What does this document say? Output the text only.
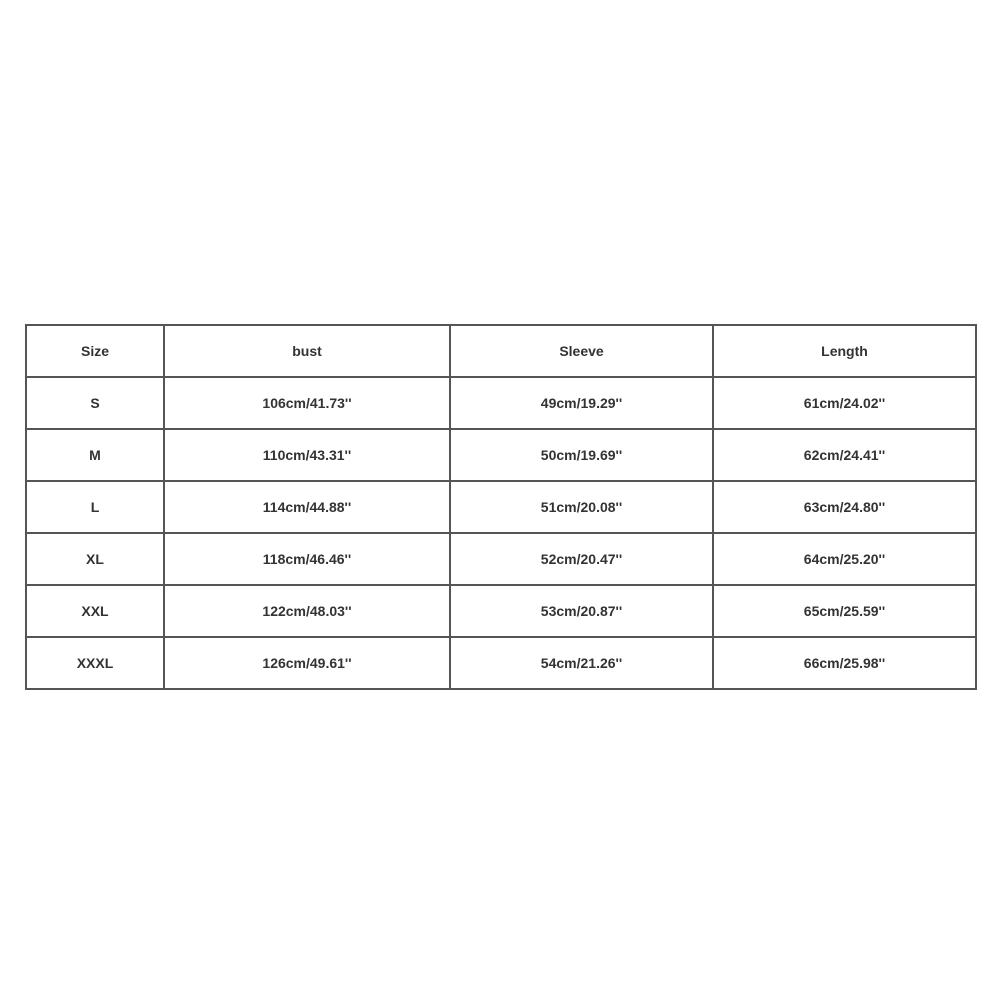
Size	bust	Sleeve	Length
S	106cm/41.73''	49cm/19.29''	61cm/24.02''
M	110cm/43.31''	50cm/19.69''	62cm/24.41''
L	114cm/44.88''	51cm/20.08''	63cm/24.80''
XL	118cm/46.46''	52cm/20.47''	64cm/25.20''
XXL	122cm/48.03''	53cm/20.87''	65cm/25.59''
XXXL	126cm/49.61''	54cm/21.26''	66cm/25.98''
